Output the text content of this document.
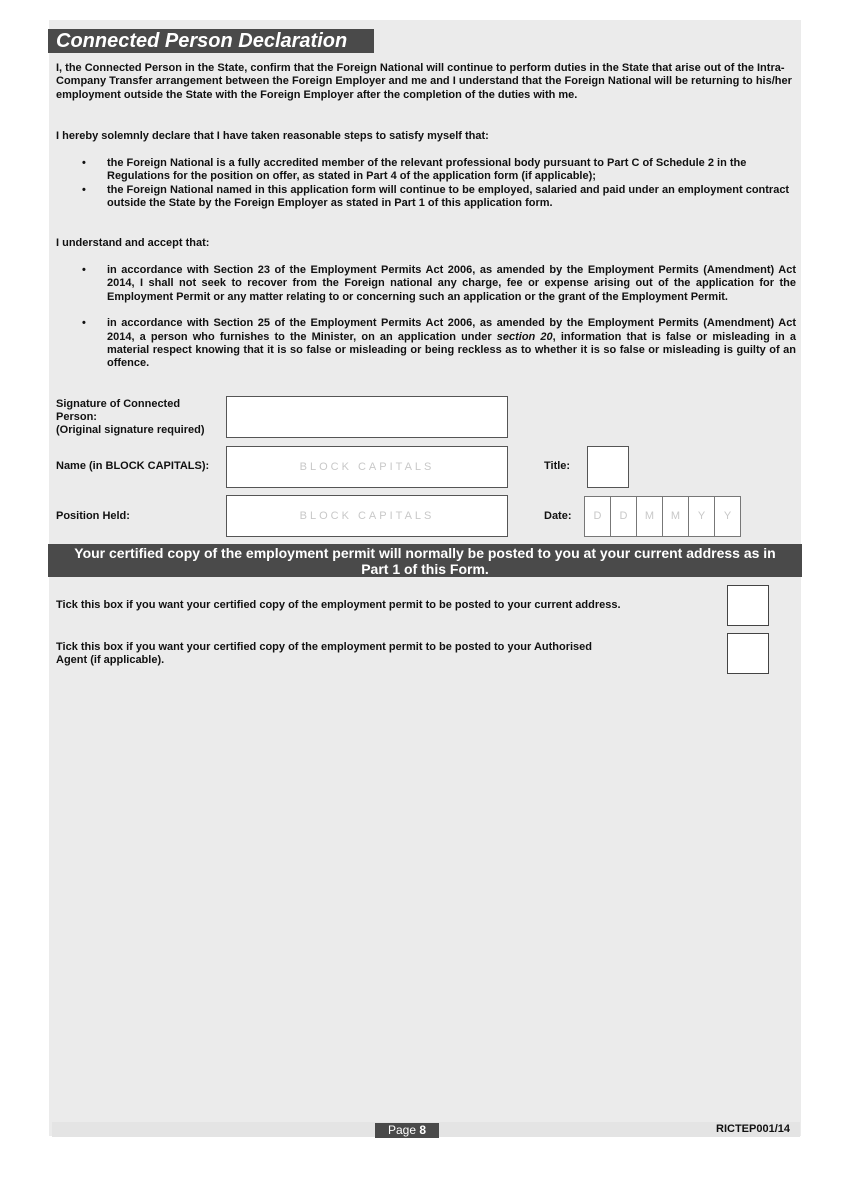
Connected Person Declaration

I, the Connected Person in the State, confirm that the Foreign National will continue to perform duties in the State that arise out of the Intra-Company Transfer arrangement between the Foreign Employer and me and I understand that the Foreign National will be returning to his/her employment outside the State with the Foreign Employer after the completion of the duties with me.

I hereby solemnly declare that I have taken reasonable steps to satisfy myself that:

• the Foreign National is a fully accredited member of the relevant professional body pursuant to Part C of Schedule 2 in the Regulations for the position on offer, as stated in Part 4 of the application form (if applicable);
• the Foreign National named in this application form will continue to be employed, salaried and paid under an employment contract outside the State by the Foreign Employer as stated in Part 1 of this application form.

I understand and accept that:

• in accordance with Section 23 of the Employment Permits Act 2006, as amended by the Employment Permits (Amendment) Act 2014, I shall not seek to recover from the Foreign national any charge, fee or expense arising out of the application for the Employment Permit or any matter relating to or concerning such an application or the grant of the Employment Permit.
• in accordance with Section 25 of the Employment Permits Act 2006, as amended by the Employment Permits (Amendment) Act 2014, a person who furnishes to the Minister, on an application under section 20, information that is false or misleading in a material respect knowing that it is so false or misleading or being reckless as to whether it is so false or misleading is guilty of an offence.
Signature of Connected
Person:
(Original signature required)
Name (in BLOCK CAPITALS):	BLOCK CAPITALS	Title:
Position Held:	BLOCK CAPITALS	Date:	D	D	M	M	Y	Y
Your certified copy of the employment permit will normally be posted to you at your current address as in
Part 1 of this Form.
Tick this box if you want your certified copy of the employment permit to be posted to your current address.
Tick this box if you want your certified copy of the employment permit to be posted to your Authorised
Agent (if applicable).
Page 8	RICTEP001/14
